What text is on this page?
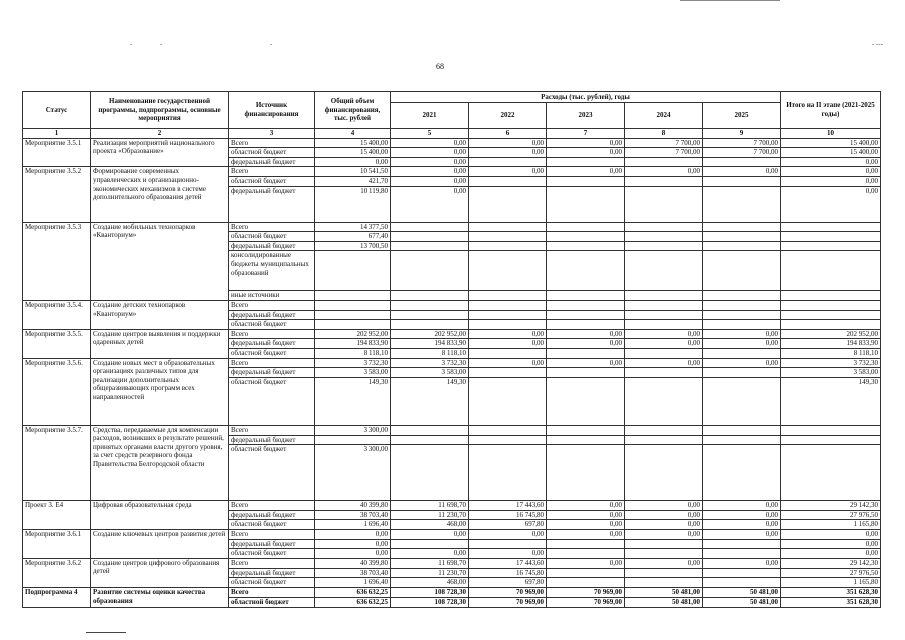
-	-	-	- ---
68
Статус	Наименование государственной программы, подпрограммы, основные мероприятия	Источник финансирования	Общий объем финансирования, тыс. рублей	Расходы (тыс. рублей), годы					Итого на II этапе (2021-2025 годы)
				2021	2022	2023	2024	2025	
1	2	3	4	5	6	7	8	9	10
Мероприятие 3.5.1	Реализация мероприятий национального проекта «Образование»	Всего	15 400,00	0,00	0,00	0,00	7 700,00	7 700,00	15 400,00
		областной бюджет	15 400,00	0,00	0,00	0,00	7 700,00	7 700,00	15 400,00
		федеральный бюджет	0,00	0,00					0,00
Мероприятие 3.5.2	Формирование современных управленческих и организационно-экономических механизмов в системе дополнительного образования детей	Всего	10 541,50	0,00	0,00	0,00	0,00	0,00	0,00
		областной бюджет	421,70	0,00					0,00
		федеральный бюджет	10 119,80	0,00					0,00
Мероприятие 3.5.3	Создание мобильных технопарков «Кванториум»	Всего	14 377,50						
		областной бюджет	677,40						
		федеральный бюджет	13 700,50						
		консолидированные бюджеты муниципальных образований							
		иные источники							
Мероприятие 3.5.4.	Создание детских технопарков «Кванториум»	Всего							
		федеральный бюджет							
		областной бюджет							
Мероприятие 3.5.5.	Создание центров выявления и поддержки одаренных детей	Всего	202 952,00	202 952,00	0,00	0,00	0,00	0,00	202 952,00
		федеральный бюджет	194 833,90	194 833,90	0,00	0,00	0,00	0,00	194 833,90
		областной бюджет	8 118,10	8 118,10					8 118,10
Мероприятие 3.5.6.	Создание новых мест в образовательных организациях различных типов для реализации дополнительных общеразвивающих программ всех направленностей	Всего	3 732,30	3 732,30	0,00	0,00	0,00	0,00	3 732,30
		федеральный бюджет	3 583,00	3 583,00					3 583,00
		областной бюджет	149,30	149,30					149,30
Мероприятие 3.5.7.	Средства, передаваемые для компенсации расходов, возникших в результате решений, принятых органами власти другого уровня, за счет средств резервного фонда Правительства Белгородской области	Всего	3 300,00						
		федеральный бюджет							
		областной бюджет	3 300,00						
Проект 3. Е4	Цифровая образовательная среда	Всего	40 399,80	11 698,70	17 443,60	0,00	0,00	0,00	29 142,30
		федеральный бюджет	38 703,40	11 230,70	16 745,80	0,00	0,00	0,00	27 976,50
		областной бюджет	1 696,40	468,00	697,80	0,00	0,00	0,00	1 165,80
Мероприятие 3.6.1	Создание ключевых центров развития детей	Всего	0,00	0,00	0,00	0,00	0,00	0,00	0,00
		федеральный бюджет	0,00						0,00
		областной бюджет	0,00	0,00	0,00				0,00
Мероприятие 3.6.2	Создание центров цифрового образования детей	Всего	40 399,80	11 698,70	17 443,60	0,00	0,00	0,00	29 142,30
		федеральный бюджет	38 703,40	11 230,70	16 745,80				27 976,50
		областной бюджет	1 696,40	468,00	697,80				1 165,80
Подпрограмма 4	Развитие системы оценки качества образования	Всего	636 632,25	108 728,30	70 969,00	70 969,00	50 481,00	50 481,00	351 628,30
		областной бюджет	636 632,25	108 728,30	70 969,00	70 969,00	50 481,00	50 481,00	351 628,30
